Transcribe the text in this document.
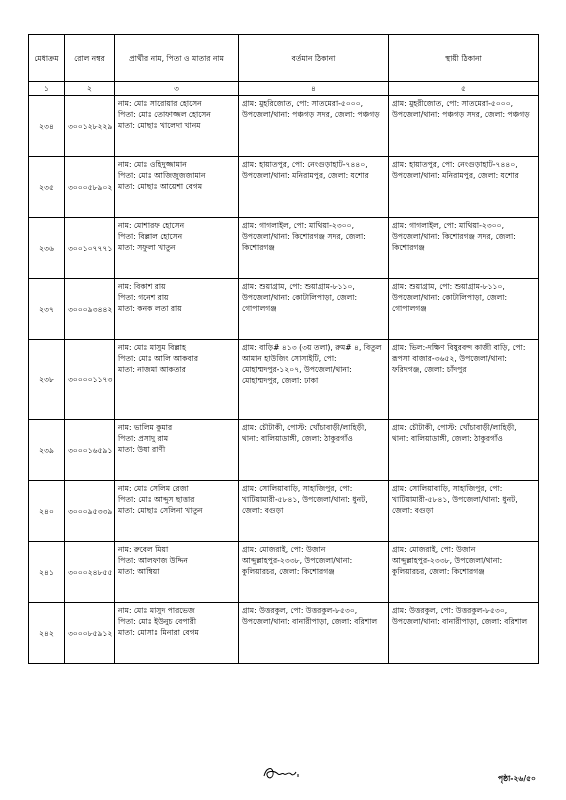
মেধাক্রম	রোল নম্বর	প্রার্থীর নাম, পিতা ও মাতার নাম	বর্তমান ঠিকানা	স্থায়ী ঠিকানা
১	২	৩	৪	৫
২৩৪	৩০০১২৮২২৯	নাম: মোঃ সারোয়ার হোসেন
পিতা: মোঃ তোফাজ্জল হোসেন
মাতা: মোছাঃ খালেদা খানম	গ্রাম: মুহরিজোত, পো: সাতমেরা-৫০০০, উপজেলা/থানা: পঞ্চগড় সদর, জেলা: পঞ্চগড়	গ্রাম: মুহরীজোত, পো: সাতমেরা-৫০০০, উপজেলা/থানা: পঞ্চগড় সদর, জেলা: পঞ্চগড়

২৩৫	৩০০০৫৮৯০২	নাম: মোঃ ওহিদুজ্জামান
পিতা: মোঃ আজিজুজজামান
মাতা: মোছাঃ আয়েশা বেগম	গ্রাম: হায়াতপুর, পো: নেংগুড়াহাট-৭৪৪০, উপজেলা/থানা: মনিরামপুর, জেলা: যশোর	গ্রাম: হায়াতপুর, পো: নেংগুড়াহাট-৭৪৪০, উপজেলা/থানা: মনিরামপুর, জেলা: যশোর

২৩৬	৩০০১০৭৭৭১	নাম: মোশারফ হোসেন
পিতা: বিল্লাল হোসেন
মাতা: সফুলা খাতুন	গ্রাম: গাগলাইল, পো: মাথিয়া-২৩০০, উপজেলা/থানা: কিশোরগঞ্জ সদর, জেলা: কিশোরগঞ্জ	গ্রাম: গাগলাইল, পো: মাথিয়া-২৩০০, উপজেলা/থানা: কিশোরগঞ্জ সদর, জেলা: কিশোরগঞ্জ

২৩৭	৩০০০৯৩৪৪২	নাম: বিকাশ রায়
পিতা: গনেশ রায়
মাতা: কনক লতা রায়	গ্রাম: শুয়াগ্রাম, পো: শুয়াগ্রাম-৮১১০, উপজেলা/থানা: কোটালিপাড়া, জেলা: গোপালগঞ্জ	গ্রাম: শুয়াগ্রাম, পো: শুয়াগ্রাম-৮১১০, উপজেলা/থানা: কোটালিপাড়া, জেলা: গোপালগঞ্জ

২৩৮	৩০০০০১১৭৩	নাম: মোঃ মাসুম বিল্লাহ
পিতা: মোঃ আলি আকবার
মাতা: নাজমা আকতার	গ্রাম: বাড়ি# ৪১৩ (৩য় তলা), রুম# ৪, বিতুল আমান হাউজিং সোসাইটি, পো: মোহাম্মদপুর-১২০৭, উপজেলা/থানা: মোহাম্মদপুর, জেলা: ঢাকা	গ্রাম: ভিল:-দক্ষিণ বিষুরবন্দ কাজী বাড়ি, পো: রূপসা বাজার-৩৬৫২, উপজেলা/থানা: ফরিদগঞ্জ, জেলা: চাঁদপুর

২৩৯	৩০০০১৬৫৯১	নাম: ভালিম কুমার
পিতা: প্রসাদু রাম
মাতা: উষা রাণী	গ্রাম: চৌটাকী, পোস্ট: খোঁচাবাড়ী/লাহিড়ী, থানা: বালিয়াডাঙ্গী, জেলা: ঠাকুরগাঁও	গ্রাম: চৌটাকী, পোস্ট: খোঁচাবাড়ী/লাহিড়ী, থানা: বালিয়াডাঙ্গী, জেলা: ঠাকুরগাঁও

২৪০	৩০০০৯৫৩৩৯	নাম: মোঃ সেলিম রেজা
পিতা: মোঃ আব্দুস ছাত্তার
মাতা: মোছাঃ সেলিনা খাতুন	গ্রাম: সোলিয়াবাড়ি, সাহাজিপুর, পো: খাটিয়ামারী-৫৮৪১, উপজেলা/থানা: ধুনট, জেলা: বগুড়া	গ্রাম: সোলিয়াবাড়ি, সাহাজিপুর, পো: খাটিয়ামারী-৫৮৪১, উপজেলা/থানা: ধুনট, জেলা: বগুড়া

২৪১	৩০০০২৪৮৫৫	নাম: রুবেল মিয়া
পিতা: আলফাজ উদ্দিন
মাতা: আম্বিয়া	গ্রাম: মোজরাই, পো: উজান আব্দুল্লাহপুর-২৩৩৮, উপজেলা/থানা: কুলিয়ারচর, জেলা: কিশোরগঞ্জ	গ্রাম: মোজরাই, পো: উজান আব্দুল্লাহপুর-২৩৩৮, উপজেলা/থানা: কুলিয়ারচর, জেলা: কিশোরগঞ্জ

২৪২	৩০০০৮৫৯১২	নাম: মোঃ মাসুদ পারভেজ
পিতা: মোঃ ইউনুচ বেপারী
মাতা: মোসাঃ মিনারা বেগম	গ্রাম: উত্তরকুল, পো: উত্তরকুল-৮৫৩০, উপজেলা/থানা: বানারীপাড়া, জেলা: বরিশাল	গ্রাম: উত্তরকুল, পো: উত্তরকুল-৮৫৩০, উপজেলা/থানা: বানারীপাড়া, জেলা: বরিশাল
পৃষ্ঠা-২৬/৫০
